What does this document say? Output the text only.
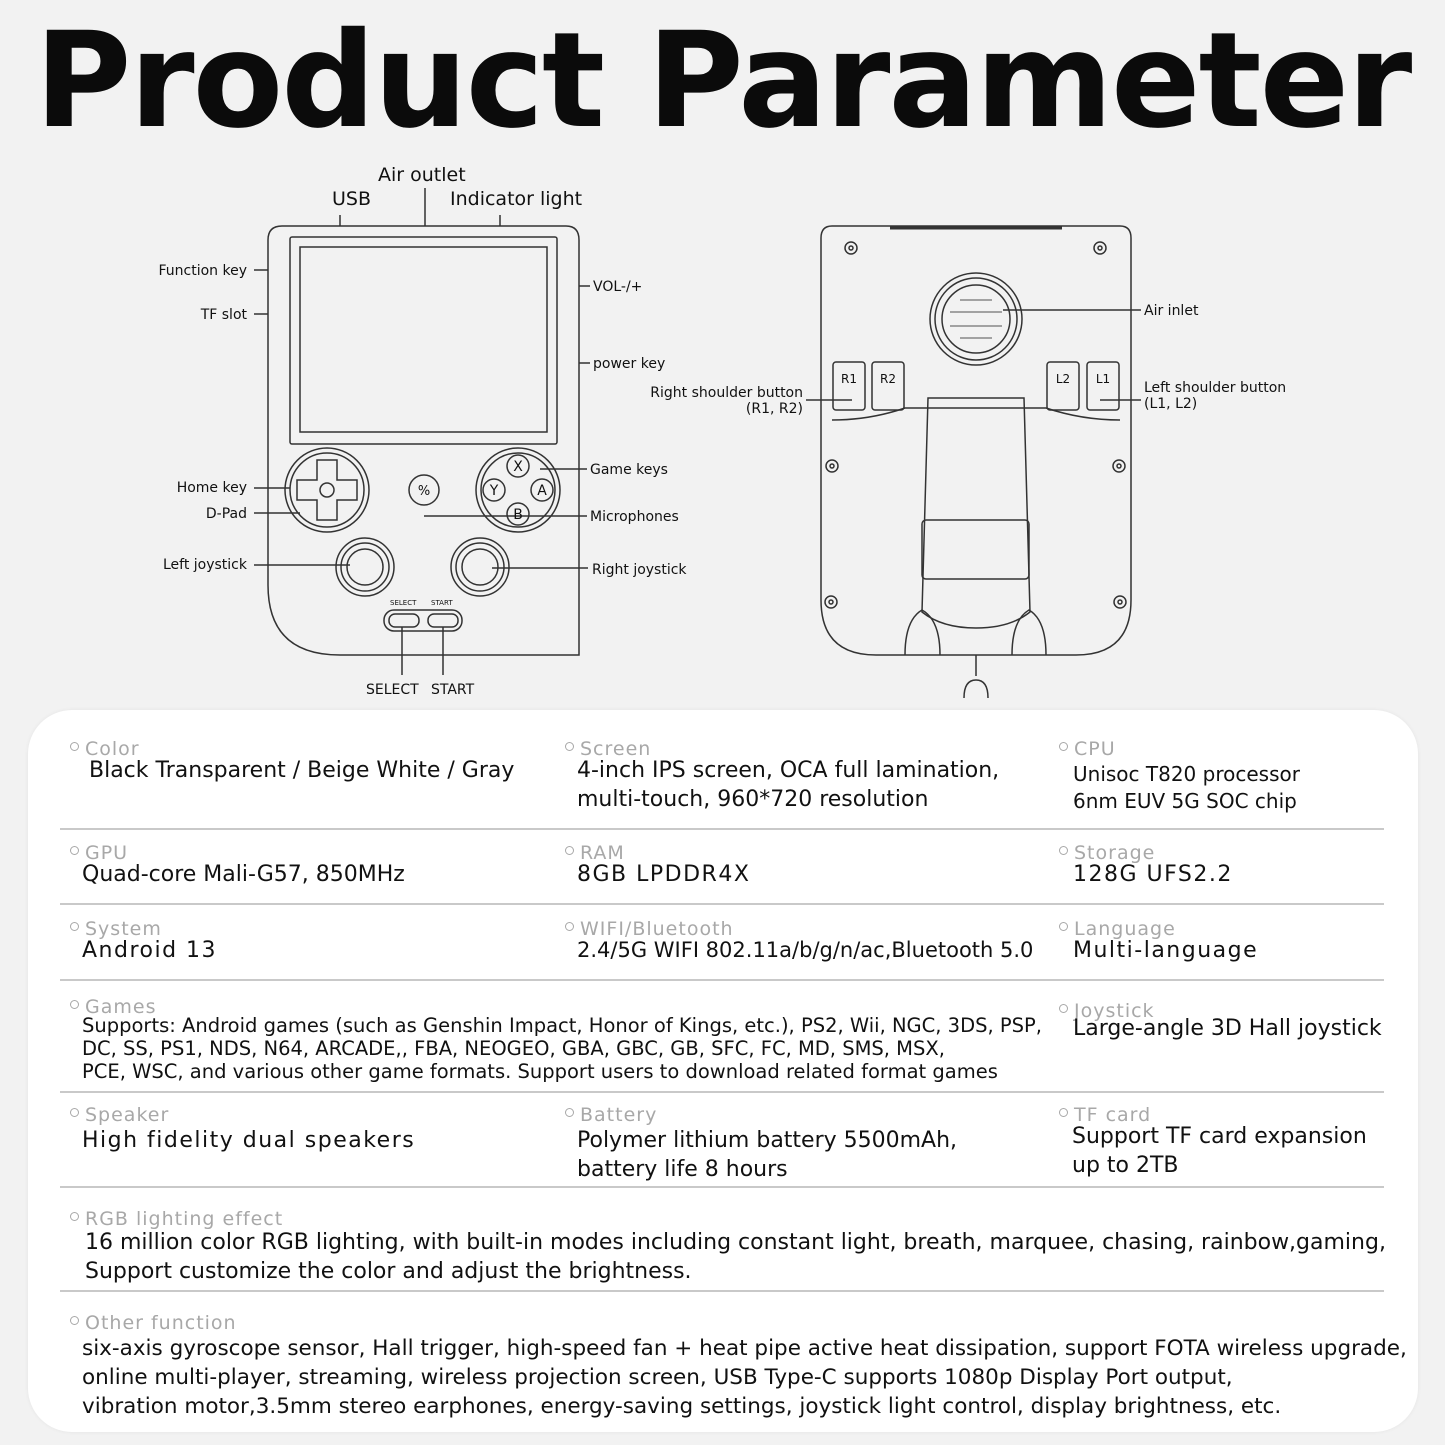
Product Parameter
Air outlet
USB	Indicator light
Function key
TF slot
VOL-/+
power key
Home key
D-Pad
Game keys
Microphones
Left joystick	Right joystick
SELECT START
SELECT START
X
Y	A
B
%
Air inlet
Right shoulder button
(R1, R2)
Left shoulder button
(L1, L2)
R1 R2	L2 L1
Color
Black Transparent / Beige White / Gray
Screen
4-inch IPS screen, OCA full lamination,
multi-touch, 960*720 resolution
CPU
Unisoc T820 processor
6nm EUV 5G SOC chip
GPU
Quad-core Mali-G57, 850MHz
RAM
8GB LPDDR4X
Storage
128G UFS2.2
System
Android 13
WIFI/Bluetooth
2.4/5G WIFI 802.11a/b/g/n/ac,Bluetooth 5.0
Language
Multi-language
Games
Supports: Android games (such as Genshin Impact, Honor of Kings, etc.), PS2, Wii, NGC, 3DS, PSP,
DC, SS, PS1, NDS, N64, ARCADE,, FBA, NEOGEO, GBA, GBC, GB, SFC, FC, MD, SMS, MSX,
PCE, WSC, and various other game formats. Support users to download related format games
Joystick
Large-angle 3D Hall joystick
Speaker
High fidelity dual speakers
Battery
Polymer lithium battery 5500mAh,
battery life 8 hours
TF card
Support TF card expansion
up to 2TB
RGB lighting effect
16 million color RGB lighting, with built-in modes including constant light, breath, marquee, chasing, rainbow,gaming,
Support customize the color and adjust the brightness.
Other function
six-axis gyroscope sensor, Hall trigger, high-speed fan + heat pipe active heat dissipation, support FOTA wireless upgrade,
online multi-player, streaming, wireless projection screen, USB Type-C supports 1080p Display Port output,
vibration motor,3.5mm stereo earphones, energy-saving settings, joystick light control, display brightness, etc.
